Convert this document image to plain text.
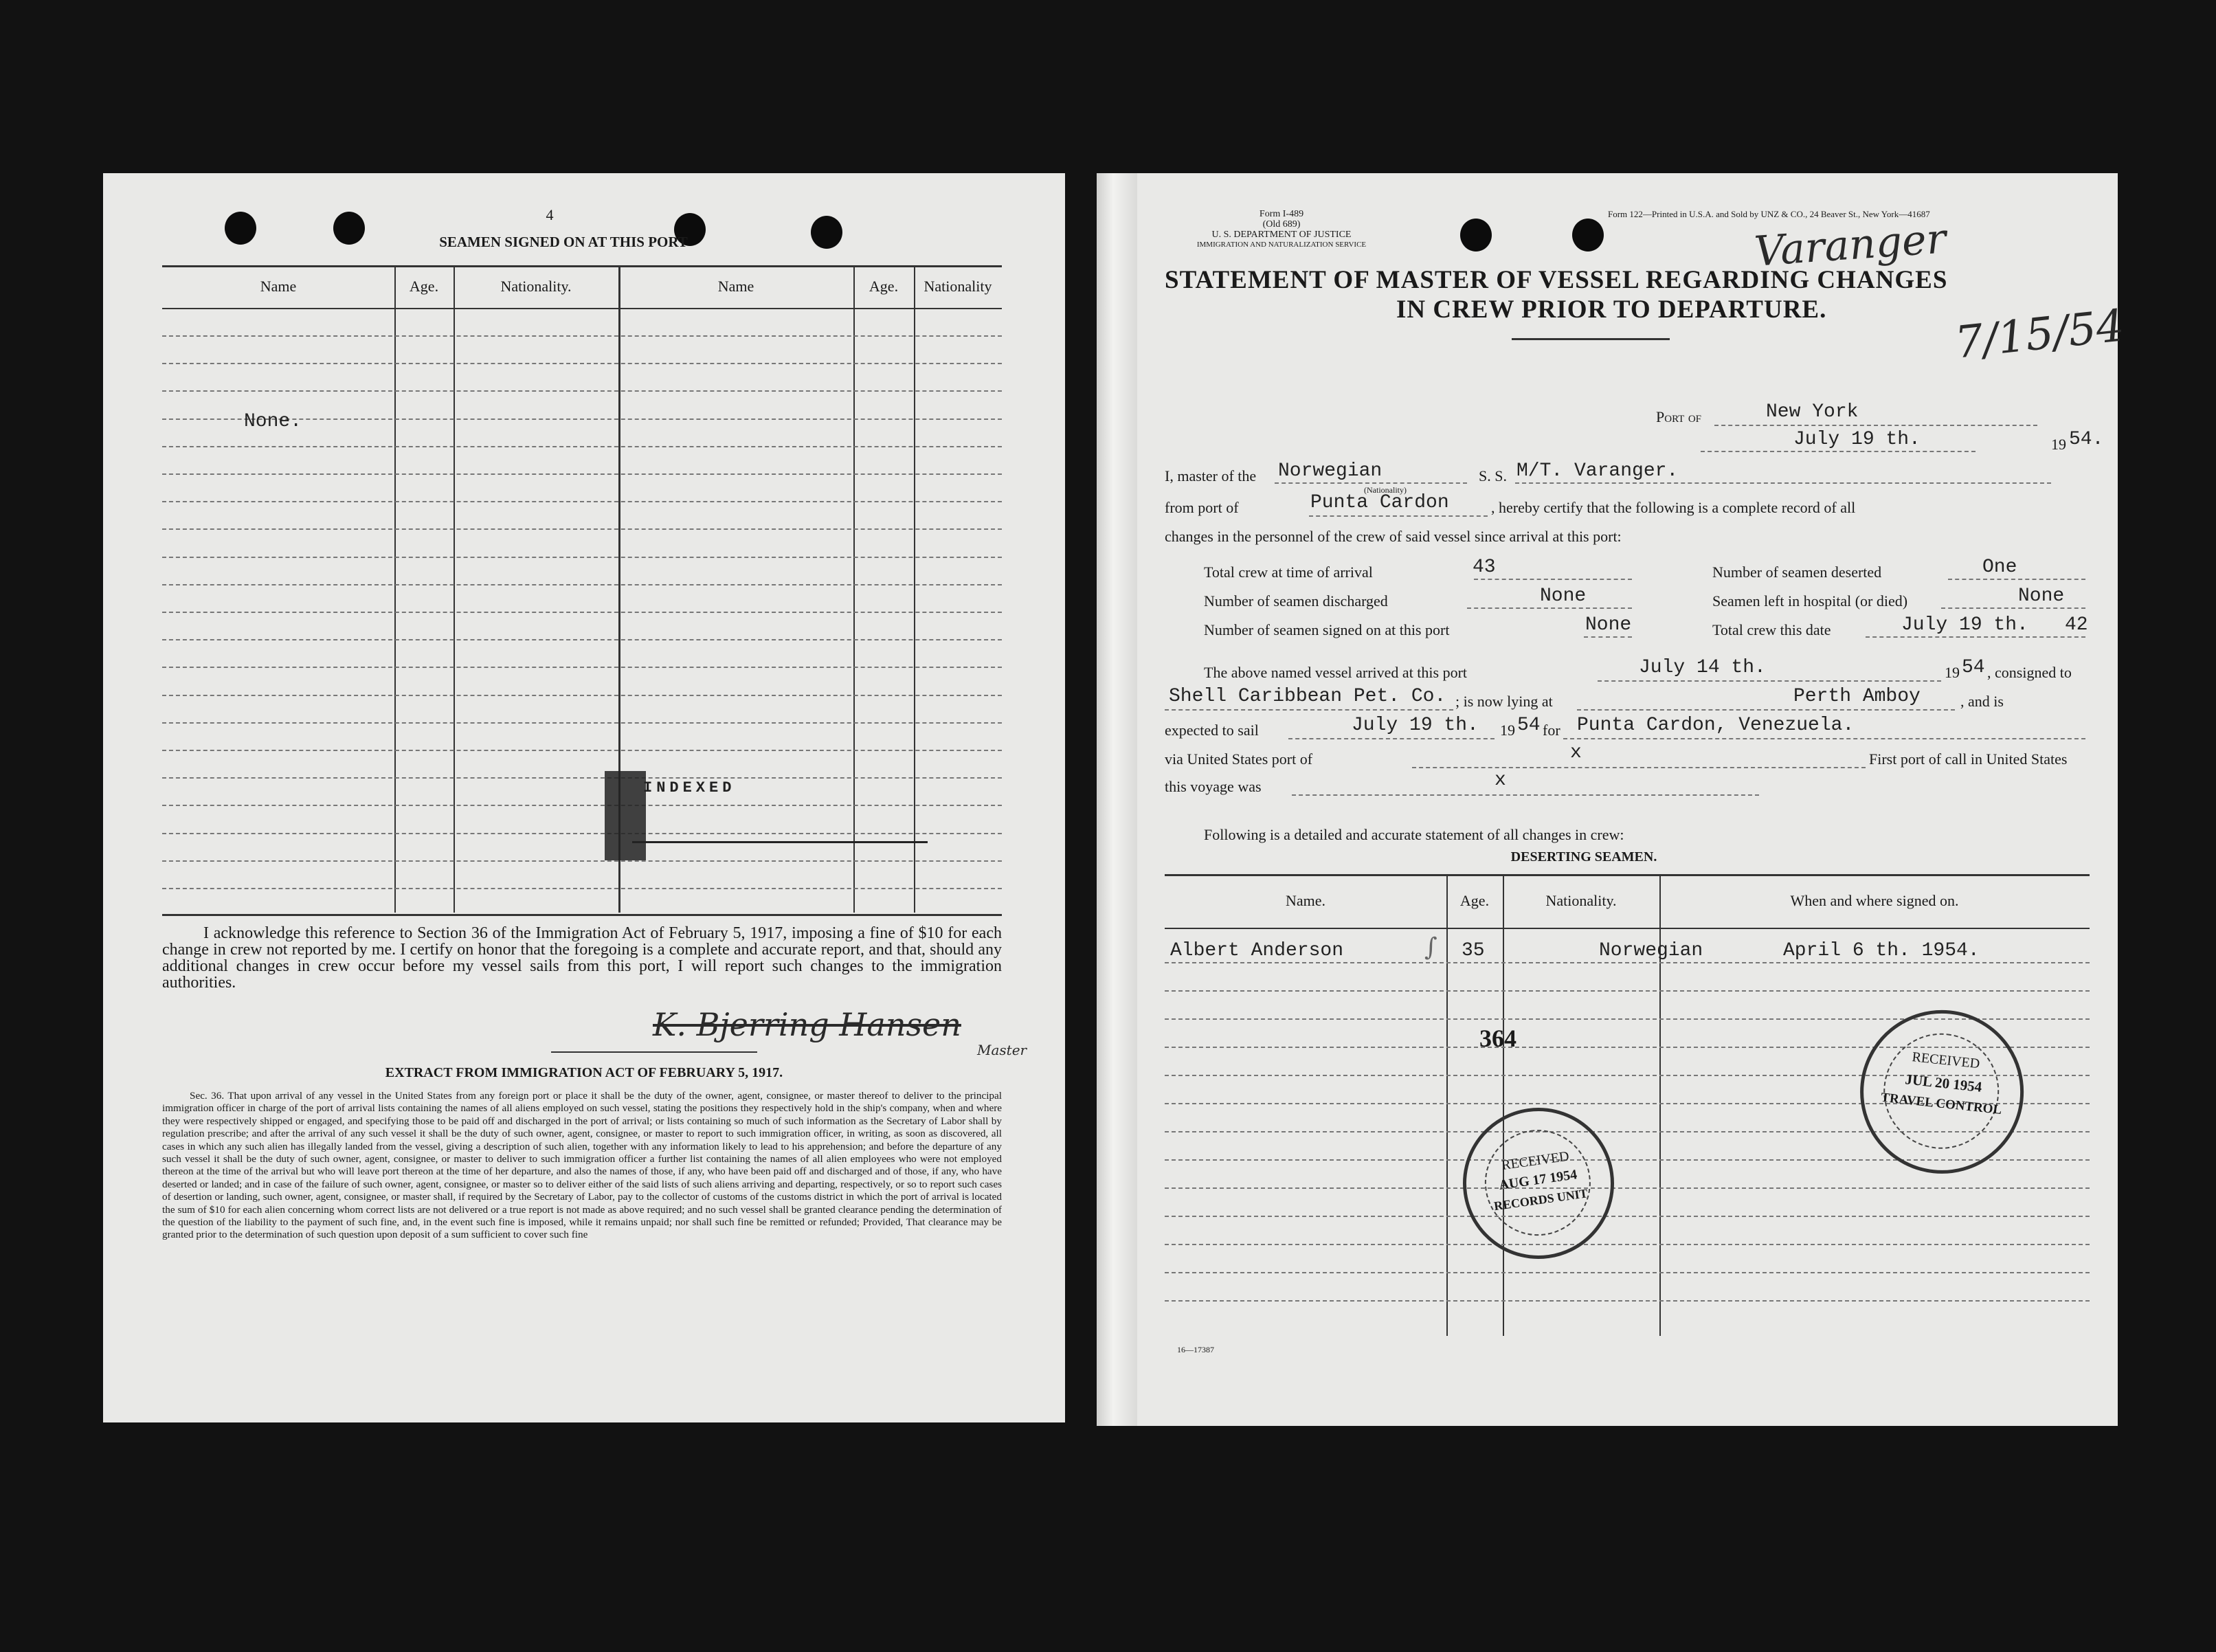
4
SEAMEN SIGNED ON AT THIS PORT
Name	Age.	Nationality.	Name	Age.	Nationality
None.
INDEXED
I acknowledge this reference to Section 36 of the Immigration Act of February 5, 1917, imposing a fine of $10 for each change in crew not reported by me. I certify on honor that the foregoing is a complete and accurate report, and that, should any additional changes in crew occur before my vessel sails from this port, I will report such changes to the immigration authorities.
K. Bjerring Hansen
Master
EXTRACT FROM IMMIGRATION ACT OF FEBRUARY 5, 1917.
Sec. 36. That upon arrival of any vessel in the United States from any foreign port or place it shall be the duty of the owner, agent, consignee, or master thereof to deliver to the principal immigration officer in charge of the port of arrival lists containing the names of all aliens employed on such vessel, stating the positions they respectively hold in the ship's company, when and where they were respectively shipped or engaged, and specifying those to be paid off and discharged in the port of arrival; or lists containing so much of such information as the Secretary of Labor shall by regulation prescribe; and after the arrival of any such vessel it shall be the duty of such owner, agent, consignee, or master to report to such immigration officer, in writing, as soon as discovered, all cases in which any such alien has illegally landed from the vessel, giving a description of such alien, together with any information likely to lead to his apprehension; and before the departure of any such vessel it shall be the duty of such owner, agent, consignee, or master to deliver to such immigration officer a further list containing the names of all alien employees who were not employed thereon at the time of the arrival but who will leave port thereon at the time of her departure, and also the names of those, if any, who have been paid off and discharged and of those, if any, who have deserted or landed; and in case of the failure of such owner, agent, consignee, or master so to deliver either of the said lists of such aliens arriving and departing, respectively, or so to report such cases of desertion or landing, such owner, agent, consignee, or master shall, if required by the Secretary of Labor, pay to the collector of customs of the customs district in which the port of arrival is located the sum of $10 for each alien concerning whom correct lists are not delivered or a true report is not made as above required; and no such vessel shall be granted clearance pending the determination of the question of the liability to the payment of such fine, and, in the event such fine is imposed, while it remains unpaid; nor shall such fine be remitted or refunded; Provided, That clearance may be granted prior to the determination of such question upon deposit of a sum sufficient to cover such fine
Form I-489
(Old 689)
U. S. DEPARTMENT OF JUSTICE
IMMIGRATION AND NATURALIZATION SERVICE
Form 122—Printed in U.S.A. and Sold by UNZ & CO., 24 Beaver St., New York—41687
Varanger
7/15/54
STATEMENT OF MASTER OF VESSEL REGARDING CHANGES
IN CREW PRIOR TO DEPARTURE.
Port of	New York
July 19 th.	19 54.
I, master of the Norwegian
(Nationality)
S. S. M/T. Varanger.
from port of	Punta Cardon	, hereby certify that the following is a complete record of all
changes in the personnel of the crew of said vessel since arrival at this port:
Total crew at time of arrival	43	Number of seamen deserted	One
Number of seamen discharged	None	Seamen left in hospital (or died)	None
Number of seamen signed on at this port	None	Total crew this date	July 19 th. 42
The above named vessel arrived at this port	July 14 th.	19 54 , consigned to
Shell Caribbean Pet. Co. ; is now lying at	Perth Amboy	, and is
expected to sail	July 19 th. 19 54 for Punta Cardon, Venezuela.
via United States port of	x	First port of call in United States
this voyage was	x
Following is a detailed and accurate statement of all changes in crew:
DESERTING SEAMEN.
Name.	Age.	Nationality.	When and where signed on.
Albert Anderson	∫ 35	Norwegian	April 6 th. 1954.
364
RECEIVED
AUG 17 1954
RECORDS UNIT
RECEIVED
JUL 20 1954
TRAVEL CONTROL
16—17387
